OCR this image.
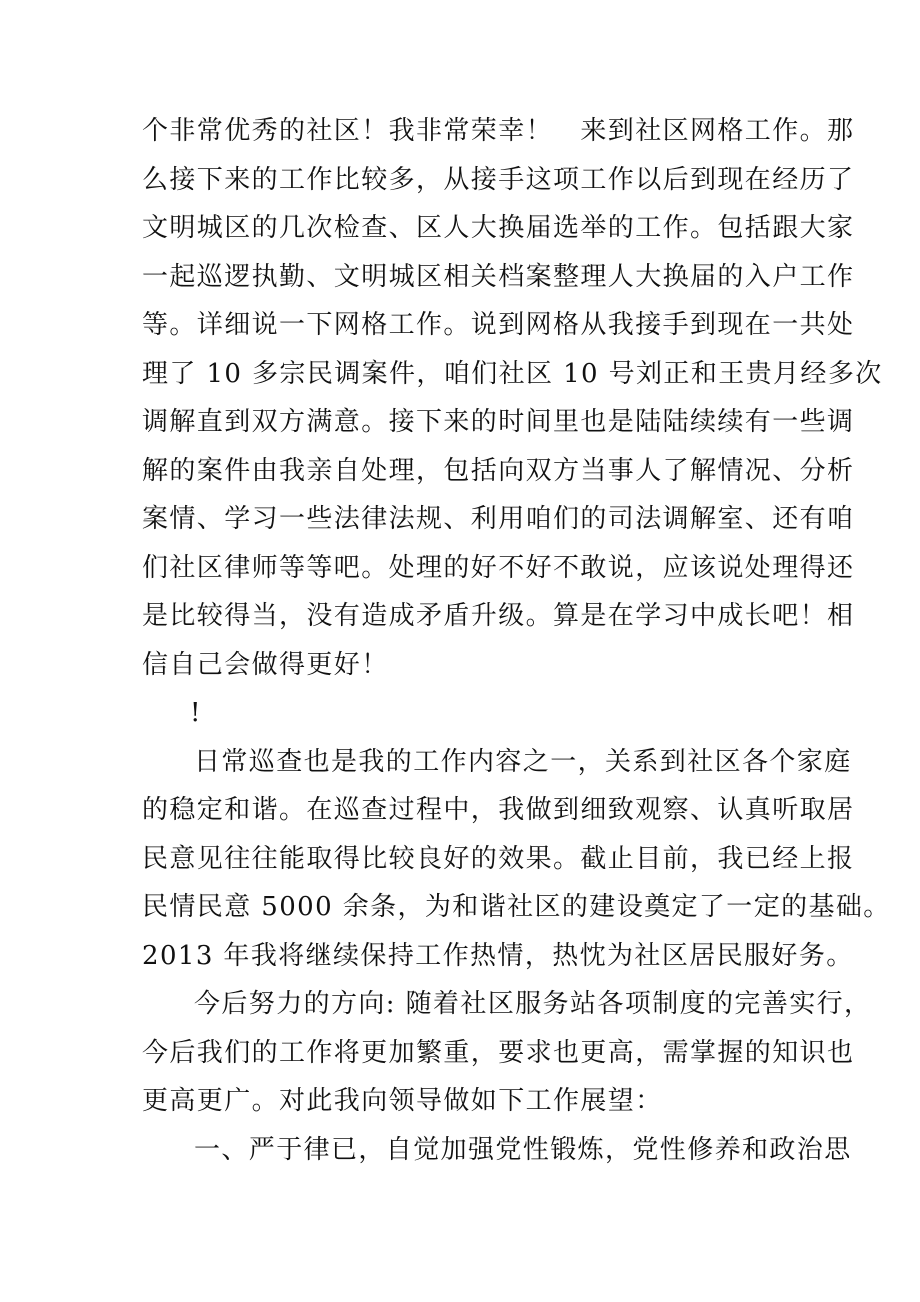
个非常优秀的社区！我非常荣幸！　来到社区网格工作。那
么接下来的工作比较多，从接手这项工作以后到现在经历了
文明城区的几次检查、区人大换届选举的工作。包括跟大家
一起巡逻执勤、文明城区相关档案整理人大换届的入户工作
等。详细说一下网格工作。说到网格从我接手到现在一共处
理了 10 多宗民调案件，咱们社区 10 号刘正和王贵月经多次
调解直到双方满意。接下来的时间里也是陆陆续续有一些调
解的案件由我亲自处理，包括向双方当事人了解情况、分析
案情、学习一些法律法规、利用咱们的司法调解室、还有咱
们社区律师等等吧。处理的好不好不敢说，应该说处理得还
是比较得当，没有造成矛盾升级。算是在学习中成长吧！相
信自己会做得更好！
!
日常巡查也是我的工作内容之一，关系到社区各个家庭
的稳定和谐。在巡查过程中，我做到细致观察、认真听取居
民意见往往能取得比较良好的效果。截止目前，我已经上报
民情民意 5000 余条，为和谐社区的建设奠定了一定的基础。
2013 年我将继续保持工作热情，热忱为社区居民服好务。
今后努力的方向: 随着社区服务站各项制度的完善实行，
今后我们的工作将更加繁重，要求也更高，需掌握的知识也
更高更广。对此我向领导做如下工作展望：
一、严于律已，自觉加强党性锻炼，党性修养和政治思
